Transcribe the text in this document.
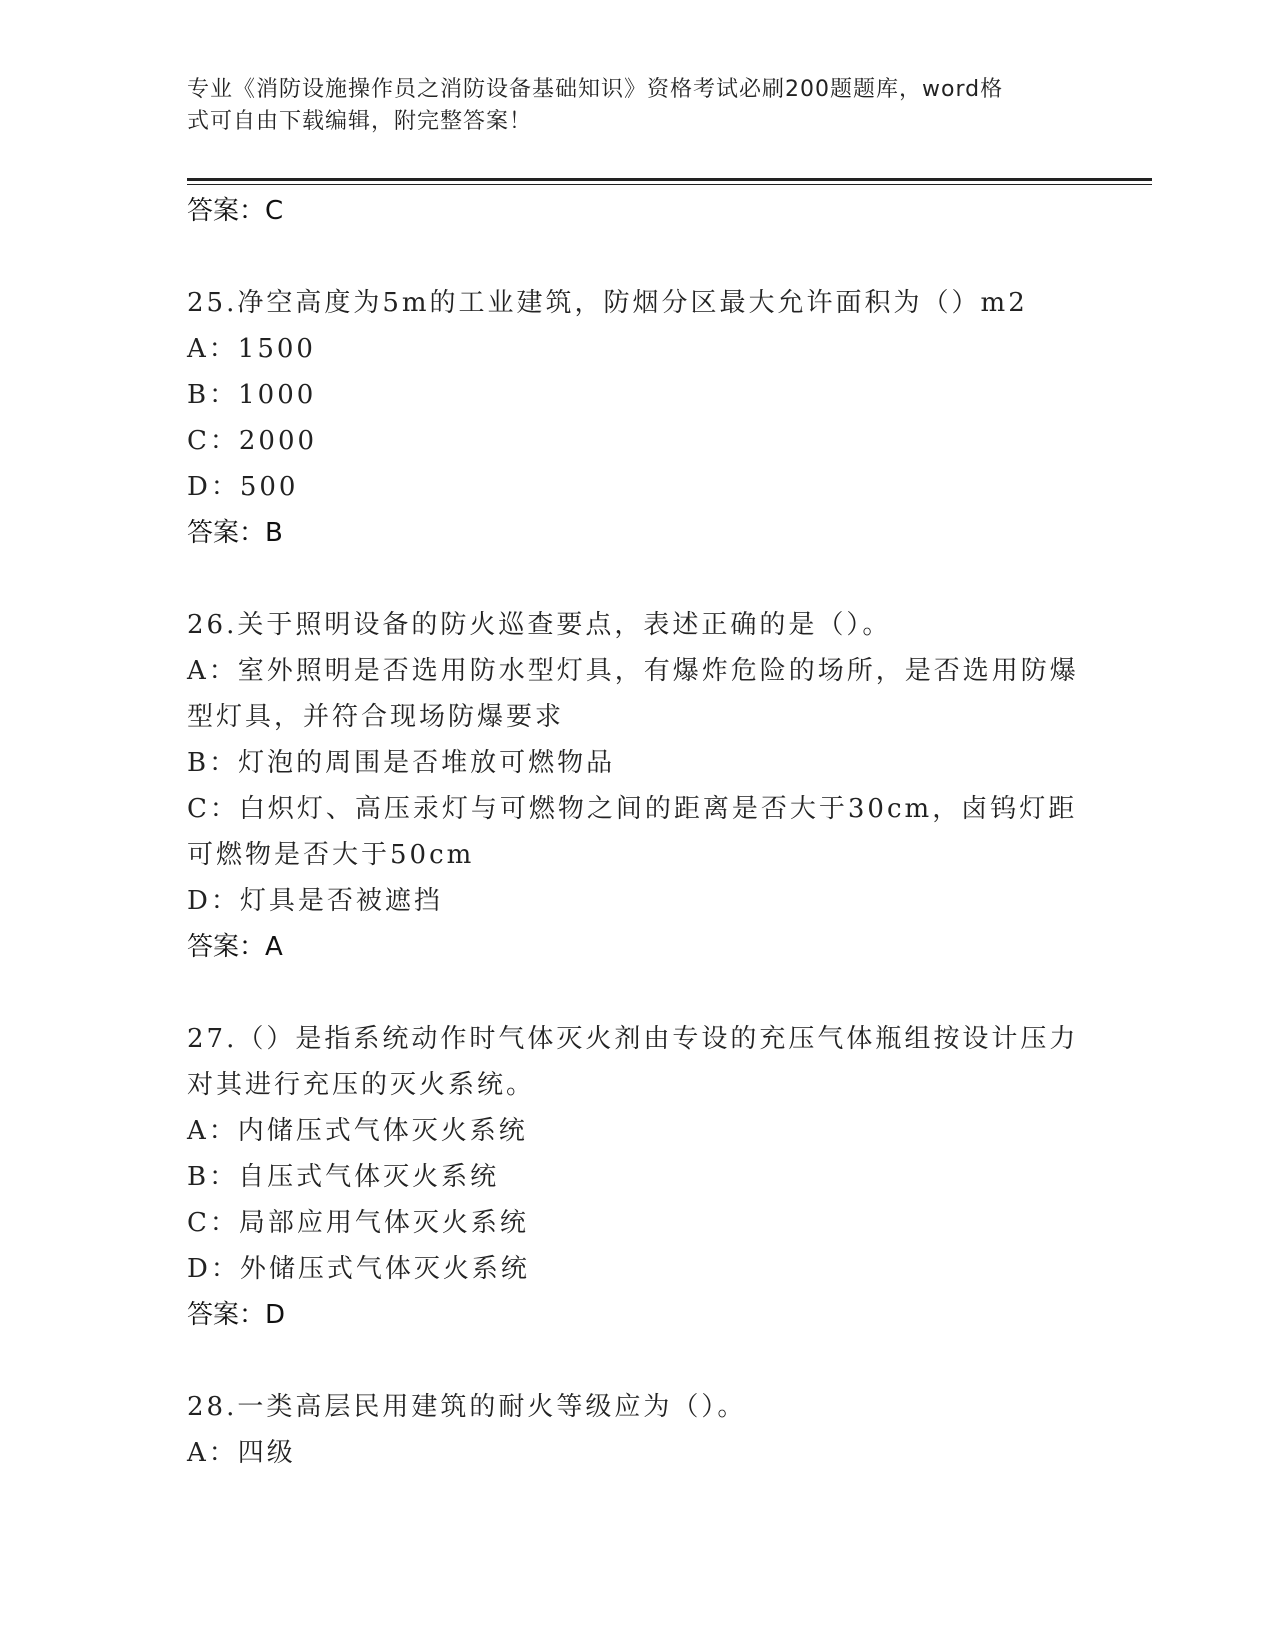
专业《消防设施操作员之消防设备基础知识》资格考试必刷200题题库，word格
式可自由下载编辑，附完整答案！
答案：C
25.净空高度为5m的工业建筑，防烟分区最大允许面积为（）m2
A：1500
B：1000
C：2000
D：500
答案：B
26.关于照明设备的防火巡查要点，表述正确的是（）。
A：室外照明是否选用防水型灯具，有爆炸危险的场所，是否选用防爆型灯具，并符合现场防爆要求
B：灯泡的周围是否堆放可燃物品
C：白炽灯、高压汞灯与可燃物之间的距离是否大于30cm，卤钨灯距可燃物是否大于50cm
D：灯具是否被遮挡
答案：A
27.（）是指系统动作时气体灭火剂由专设的充压气体瓶组按设计压力对其进行充压的灭火系统。
A：内储压式气体灭火系统
B：自压式气体灭火系统
C：局部应用气体灭火系统
D：外储压式气体灭火系统
答案：D
28.一类高层民用建筑的耐火等级应为（）。
A：四级
